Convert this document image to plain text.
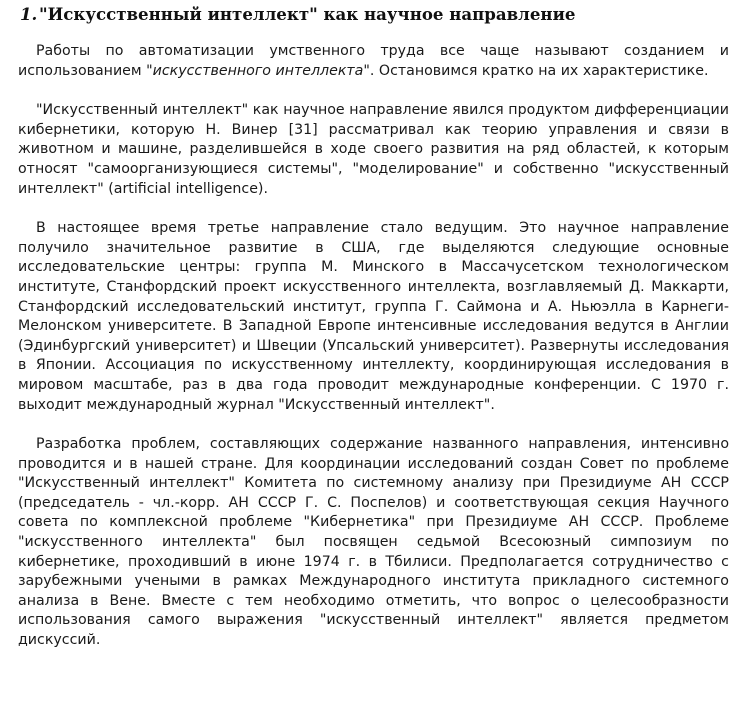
1. "Искусственный интеллект" как научное направление

Работы по автоматизации умственного труда все чаще называют созданием и использованием "искусственного интеллекта". Остановимся кратко на их характеристике.

"Искусственный интеллект" как научное направление явился продуктом дифференциации кибернетики, которую Н. Винер [31] рассматривал как теорию управления и связи в животном и машине, разделившейся в ходе своего развития на ряд областей, к которым относят "самоорганизующиеся системы", "моделирование" и собственно "искусственный интеллект" (artificial intelligence).

В настоящее время третье направление стало ведущим. Это научное направление получило значительное развитие в США, где выделяются следующие основные исследовательские центры: группа М. Минского в Массачусетском технологическом институте, Станфордский проект искусственного интеллекта, возглавляемый Д. Маккарти, Станфордский исследовательский институт, группа Г. Саймона и А. Ньюэлла в Карнеги-Мелонском университете. В Западной Европе интенсивные исследования ведутся в Англии (Эдинбургский университет) и Швеции (Упсальский университет). Развернуты исследования в Японии. Ассоциация по искусственному интеллекту, координирующая исследования в мировом масштабе, раз в два года проводит международные конференции. С 1970 г. выходит международный журнал "Искусственный интеллект".

Разработка проблем, составляющих содержание названного направления, интенсивно проводится и в нашей стране. Для координации исследований создан Совет по проблеме "Искусственный интеллект" Комитета по системному анализу при Президиуме АН СССР (председатель - чл.-корр. АН СССР Г. С. Поспелов) и соответствующая секция Научного совета по комплексной проблеме "Кибернетика" при Президиуме АН СССР. Проблеме "искусственного интеллекта" был посвящен седьмой Всесоюзный симпозиум по кибернетике, проходивший в июне 1974 г. в Тбилиси. Предполагается сотрудничество с зарубежными учеными в рамках Международного института прикладного системного анализа в Вене. Вместе с тем необходимо отметить, что вопрос о целесообразности использования самого выражения "искусственный интеллект" является предметом дискуссий.
